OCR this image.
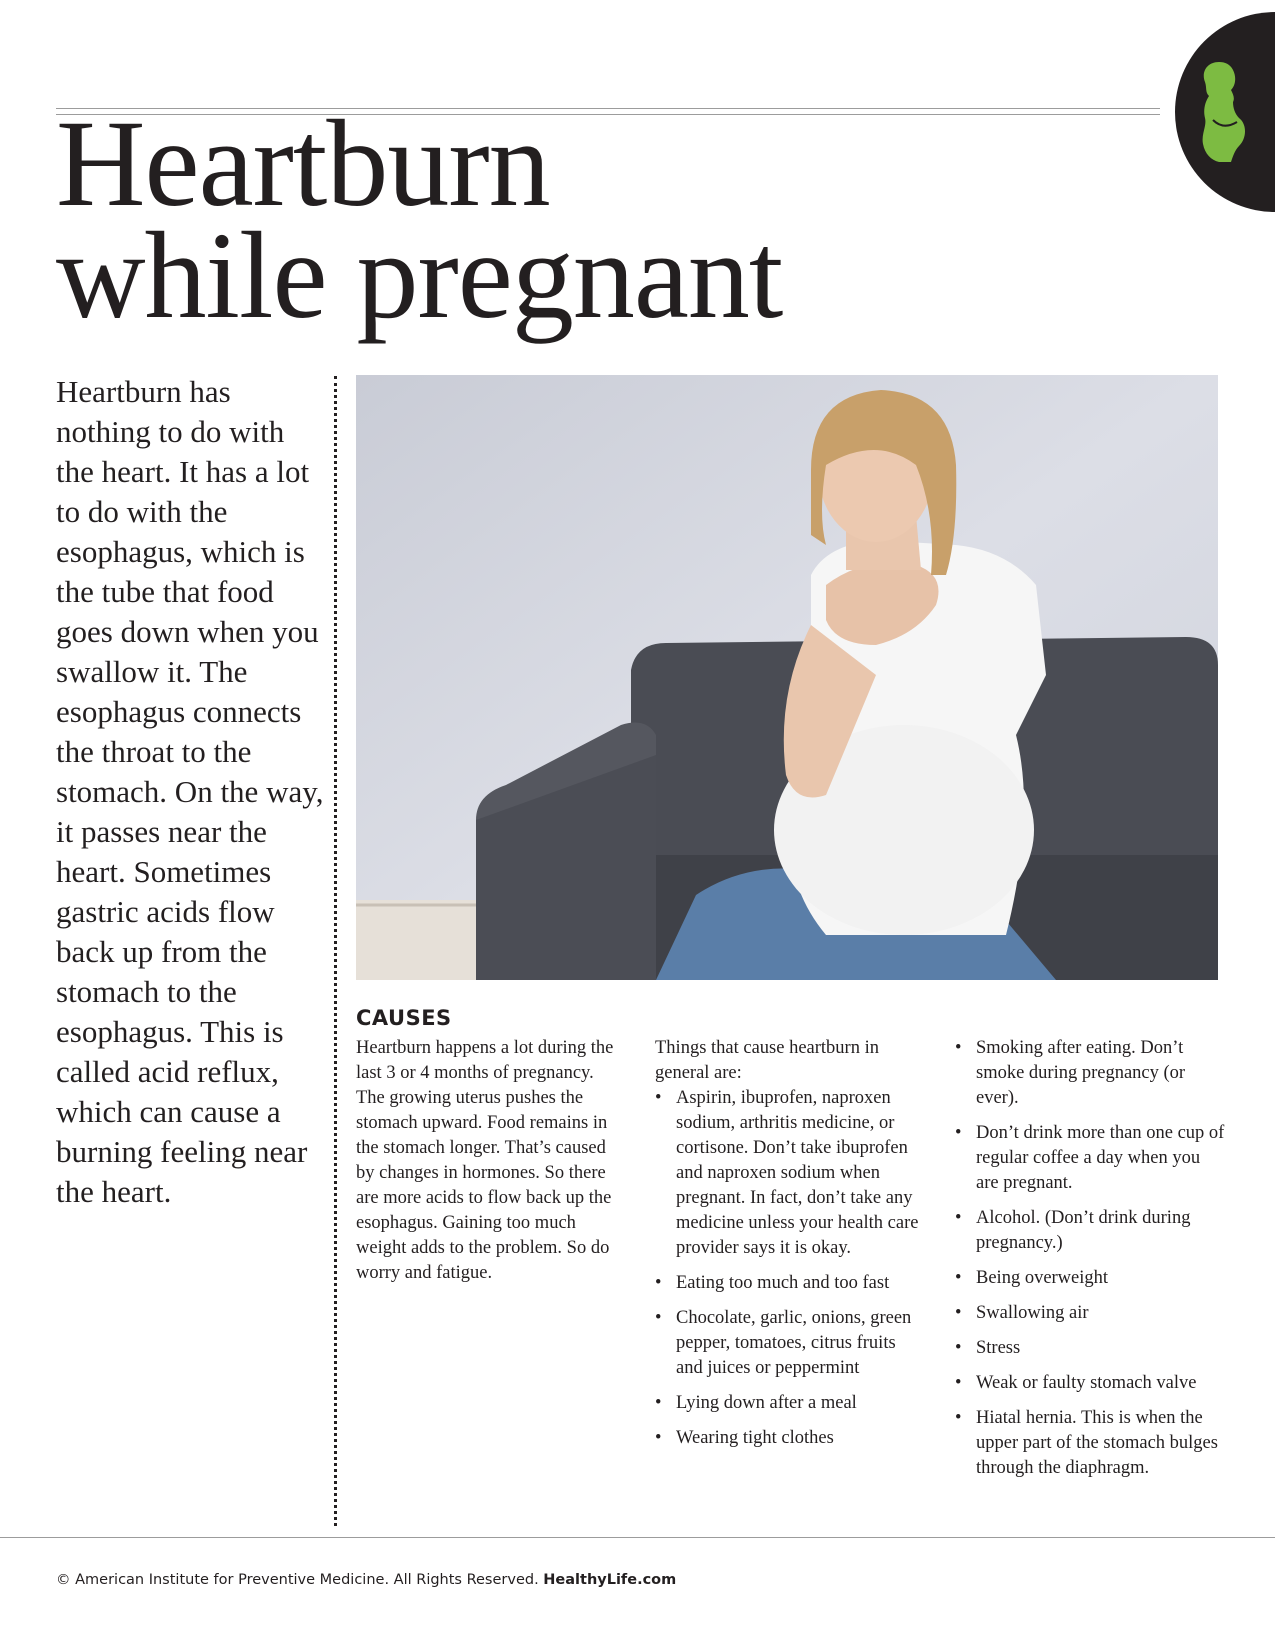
Heartburn
while pregnant

Heartburn has nothing to do with the heart. It has a lot to do with the esophagus, which is the tube that food goes down when you swallow it. The esophagus connects the throat to the stomach. On the way, it passes near the heart. Sometimes gastric acids flow back up from the stomach to the esophagus. This is called acid reflux, which can cause a burning feeling near the heart.

CAUSES

Heartburn happens a lot during the last 3 or 4 months of pregnancy. The growing uterus pushes the stomach upward. Food remains in the stomach longer. That’s caused by changes in hormones. So there are more acids to flow back up the esophagus. Gaining too much weight adds to the problem. So do worry and fatigue.

Things that cause heartburn in general are:

• Aspirin, ibuprofen, naproxen sodium, arthritis medicine, or cortisone. Don’t take ibuprofen and naproxen sodium when pregnant. In fact, don’t take any medicine unless your health care provider says it is okay.
• Eating too much and too fast
• Chocolate, garlic, onions, green pepper, tomatoes, citrus fruits and juices or peppermint
• Lying down after a meal
• Wearing tight clothes
• Smoking after eating. Don’t smoke during pregnancy (or ever).
• Don’t drink more than one cup of regular coffee a day when you are pregnant.
• Alcohol. (Don’t drink during pregnancy.)
• Being overweight
• Swallowing air
• Stress
• Weak or faulty stomach valve
• Hiatal hernia. This is when the upper part of the stomach bulges through the diaphragm.

© American Institute for Preventive Medicine. All Rights Reserved. HealthyLife.com
